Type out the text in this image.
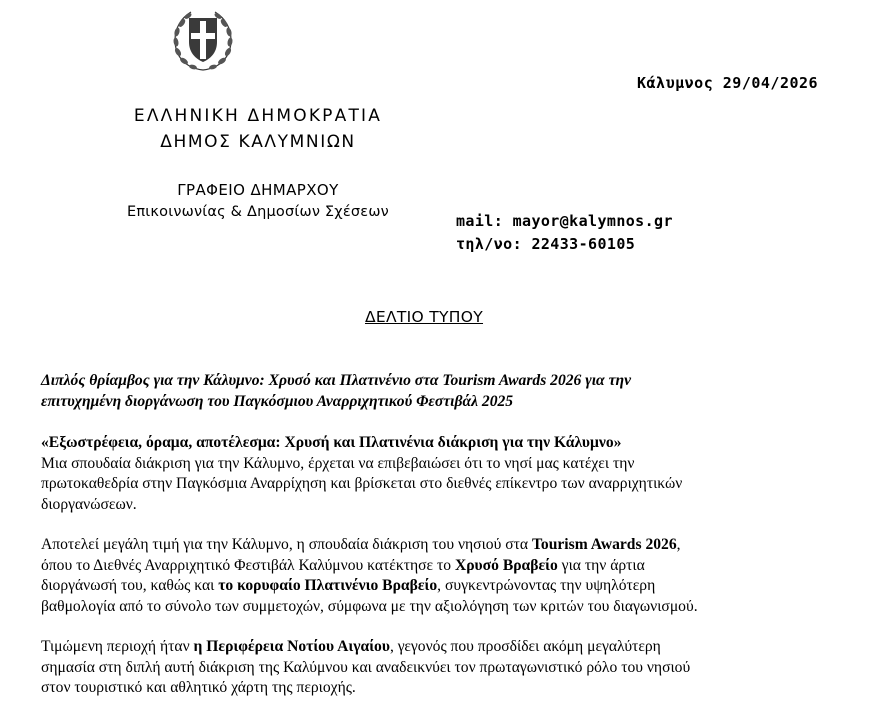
Κάλυμνος 29/04/2026
ΕΛΛΗΝΙΚΗ ΔΗΜΟΚΡΑΤΙΑ
ΔΗΜΟΣ ΚΑΛΥΜΝΙΩΝ
ΓΡΑΦΕΙΟ ΔΗΜΑΡΧΟΥ
Επικοινωνίας & Δημοσίων Σχέσεων	mail: mayor@kalymnos.gr
τηλ/νο: 22433-60105
ΔΕΛΤΙΟ ΤΥΠΟΥ
Διπλός θρίαμβος για την Κάλυμνο: Χρυσό και Πλατινένιο στα Tourism Awards 2026 για την
επιτυχημένη διοργάνωση του Παγκόσμιου Αναρριχητικού Φεστιβάλ 2025
«Εξωστρέφεια, όραμα, αποτέλεσμα: Χρυσή και Πλατινένια διάκριση για την Κάλυμνο»
Μια σπουδαία διάκριση για την Κάλυμνο, έρχεται να επιβεβαιώσει ότι το νησί μας κατέχει την
πρωτοκαθεδρία στην Παγκόσμια Αναρρίχηση και βρίσκεται στο διεθνές επίκεντρο των αναρριχητικών
διοργανώσεων.
Αποτελεί μεγάλη τιμή για την Κάλυμνο, η σπουδαία διάκριση του νησιού στα Tourism Awards 2026,
όπου το Διεθνές Αναρριχητικό Φεστιβάλ Καλύμνου κατέκτησε το Χρυσό Βραβείο για την άρτια
διοργάνωσή του, καθώς και το κορυφαίο Πλατινένιο Βραβείο, συγκεντρώνοντας την υψηλότερη
βαθμολογία από το σύνολο των συμμετοχών, σύμφωνα με την αξιολόγηση των κριτών του διαγωνισμού.
Τιμώμενη περιοχή ήταν η Περιφέρεια Νοτίου Αιγαίου, γεγονός που προσδίδει ακόμη μεγαλύτερη
σημασία στη διπλή αυτή διάκριση της Καλύμνου και αναδεικνύει τον πρωταγωνιστικό ρόλο του νησιού
στον τουριστικό και αθλητικό χάρτη της περιοχής.
